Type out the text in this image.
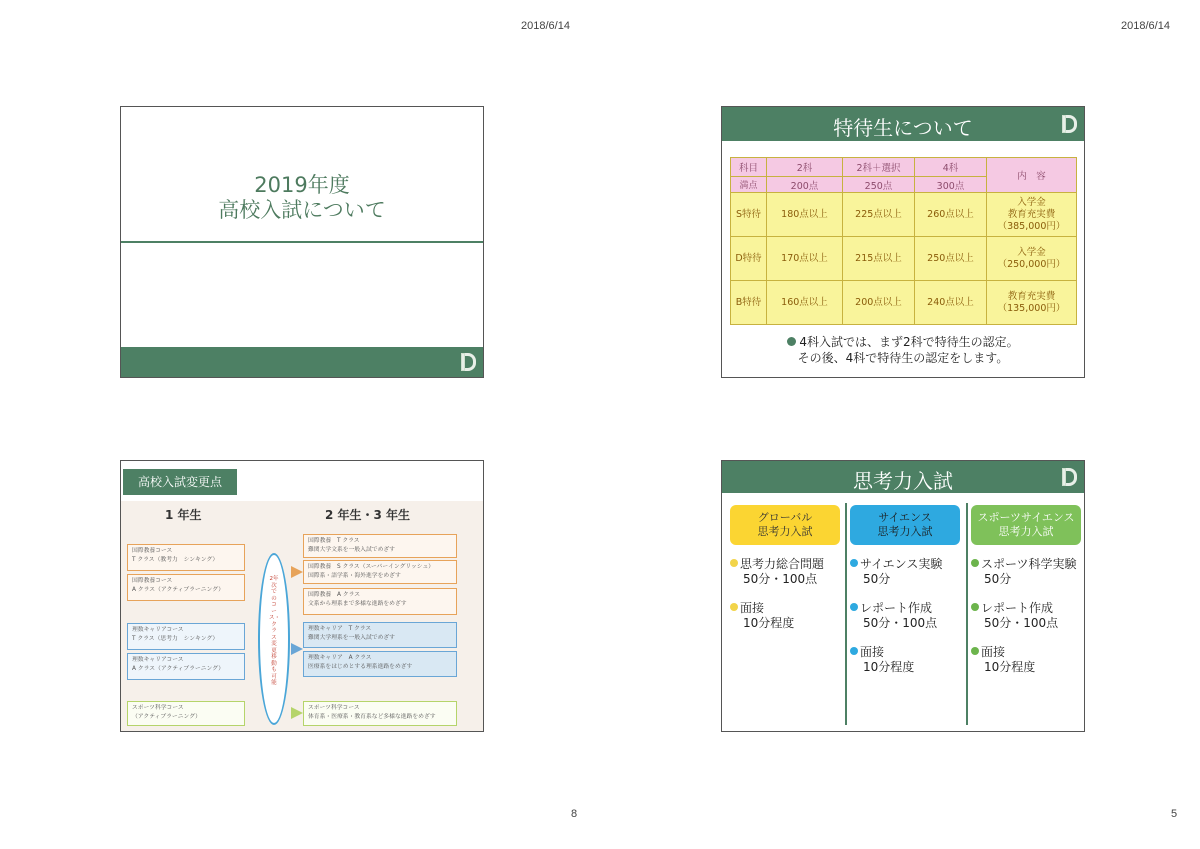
2018/6/14	2018/6/14
8	5
2019年度
高校入試について
特待生について
科目	2科	2科＋選択	4科	内　容
満点	200点	250点	300点	
S特待	180点以上	225点以上	260点以上	入学金
教育充実費
（385,000円）

D特待	170点以上	215点以上	250点以上	入学金
（250,000円）

B特待	160点以上	200点以上	240点以上	教育充実費
（135,000円）
4科入試では、まず2科で特待生の認定。
その後、4科で特待生の認定をします。
高校入試変更点
1 年生	2 年生・3 年生
国際教養コース
T クラス（教考力　シンキング）
国際教養コース
A クラス（アクティブラーニング）
理数キャリアコース
T クラス（思考力　シンキング）
理数キャリアコース
A クラス（アクティブラーニング）
スポーツ科学コース
（アクティブラーニング）
2年次でのコース・クラス変更移動も可能
国際教養　T クラス
難関大学文系を一般入試でめざす
国際教養　S クラス（スーパーイングリッシュ）
国際系・語学系・海外進学をめざす
国際教養　A クラス
文系から理系まで多様な進路をめざす
理数キャリア　T クラス
難関大学理系を一般入試でめざす
理数キャリア　A クラス
医療系をはじめとする理系進路をめざす
スポーツ科学コース
体育系・医療系・教育系など多様な進路をめざす
思考力入試
グローバル
思考力入試
思考力総合問題
50分・100点
面接
10分程度
サイエンス
思考力入試
サイエンス実験
50分
レポート作成
50分・100点
面接
10分程度
スポーツサイエンス
思考力入試
スポーツ科学実験
50分
レポート作成
50分・100点
面接
10分程度
